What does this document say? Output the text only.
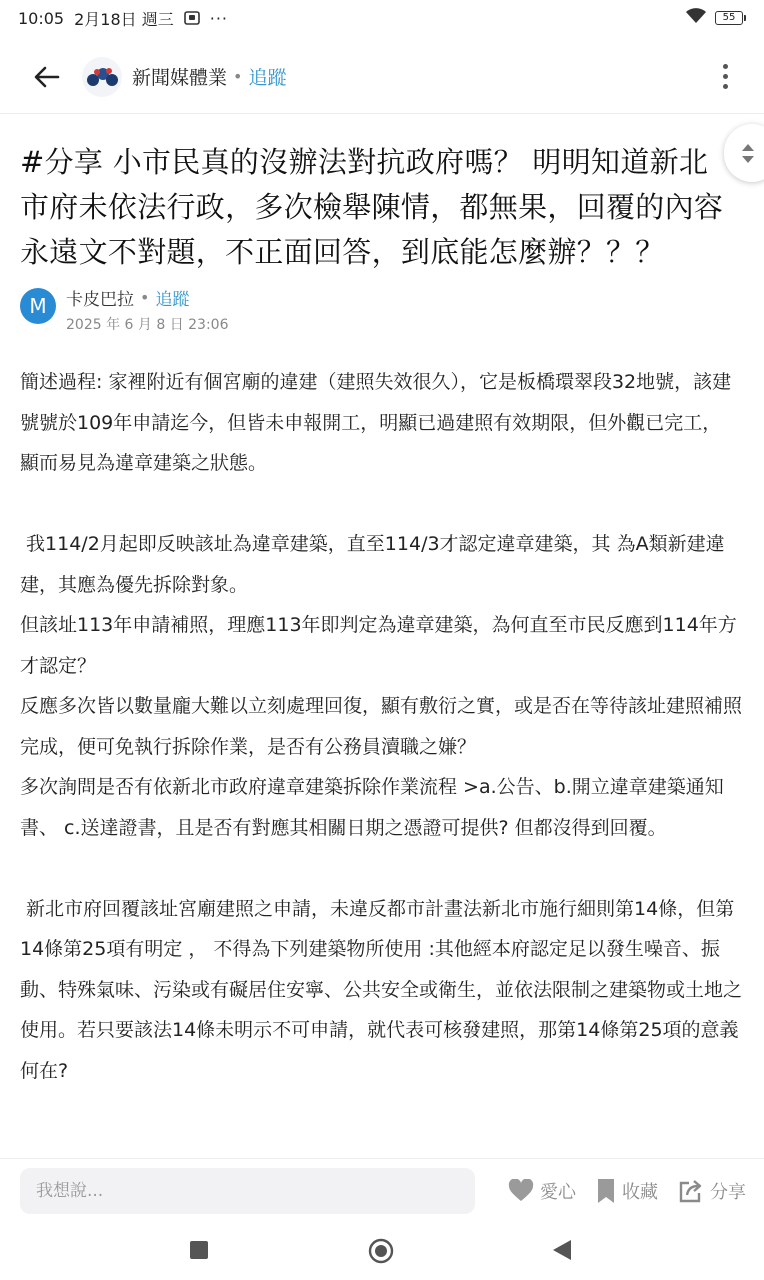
10:05 2月18日 週三 ···	55
新聞媒體業 • 追蹤
#分享 小市民真的沒辦法對抗政府嗎？ 明明知道新北市府未依法行政，多次檢舉陳情，都無果，回覆的內容永遠文不對題，不正面回答，到底能怎麼辦？？？
M	卡皮巴拉 • 追蹤
2025 年 6 月 8 日 23:06

簡述過程: 家裡附近有個宮廟的違建（建照失效很久），它是板橋環翠段32地號，該建號號於109年申請迄今，但皆未申報開工，明顯已過建照有效期限，但外觀已完工， 顯而易見為違章建築之狀態。

我114/2月起即反映該址為違章建築，直至114/3才認定違章建築，其 為A類新建違建，其應為優先拆除對象。
但該址113年申請補照，理應113年即判定為違章建築，為何直至市民反應到114年方才認定？
反應多次皆以數量龐大難以立刻處理回復，顯有敷衍之實，或是否在等待該址建照補照完成，便可免執行拆除作業，是否有公務員瀆職之嫌？
多次詢問是否有依新北市政府違章建築拆除作業流程 >a.公告、b.開立違章建築通知書、 c.送達證書，且是否有對應其相關日期之憑證可提供? 但都沒得到回覆。

新北市府回覆該址宮廟建照之申請，未違反都市計畫法新北市施行細則第14條，但第14條第25項有明定 ， 不得為下列建築物所使用 :其他經本府認定足以發生噪音、振動、特殊氣味、污染或有礙居住安寧、公共安全或衛生，並依法限制之建築物或土地之使用。若只要該法14條未明示不可申請，就代表可核發建照，那第14條第25項的意義何在?

我想說...
愛心	收藏	分享
